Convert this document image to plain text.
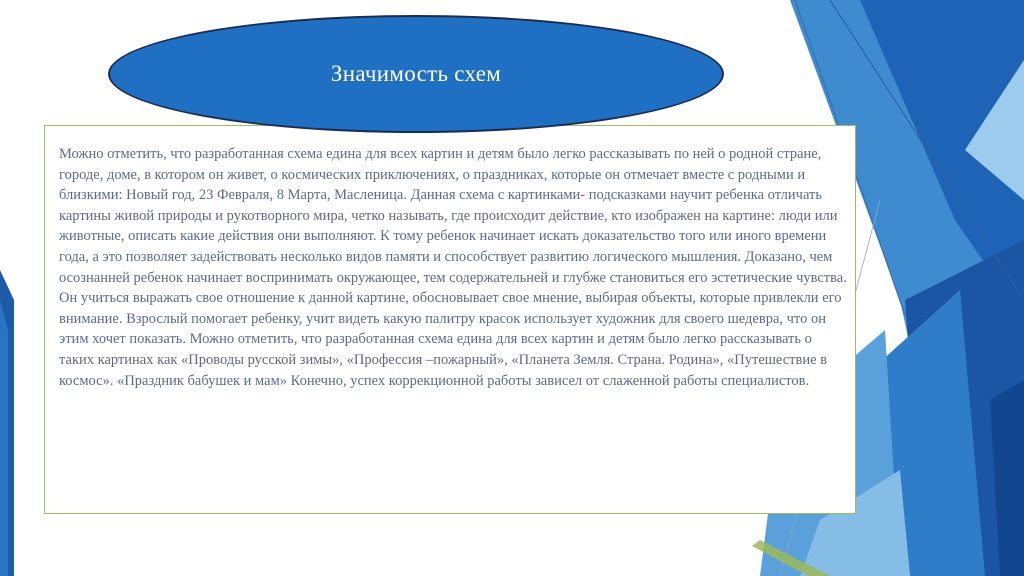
Можно отметить, что разработанная схема едина для всех картин и детям было легко рассказывать по ней о родной стране, городе, доме, в котором он живет, о космических приключениях, о праздниках, которые он отмечает вместе с родными и близкими: Новый год, 23 Февраля, 8 Марта, Масленица. Данная схема с картинками- подсказками научит ребенка отличать картины живой природы и рукотворного мира, четко называть, где происходит действие, кто изображен на картине: люди или животные, описать какие действия они выполняют. К тому ребенок начинает искать доказательство того или иного времени года, а это позволяет задействовать несколько видов памяти и способствует развитию логического мышления. Доказано, чем осознанней ребенок начинает воспринимать окружающее, тем содержательней и глубже становиться его эстетические чувства. Он учиться выражать свое отношение к данной картине, обосновывает свое мнение, выбирая объекты, которые привлекли его внимание. Взрослый помогает ребенку, учит видеть какую палитру красок использует художник для своего шедевра, что он этим хочет показать. Можно отметить, что разработанная схема едина для всех картин и детям было легко рассказывать о таких картинах как «Проводы русской зимы», «Профессия –пожарный», «Планета Земля. Страна. Родина», «Путешествие в космос». «Праздник бабушек и мам» Конечно, успех коррекционной работы зависел от слаженной работы специалистов.

Значимость схем
